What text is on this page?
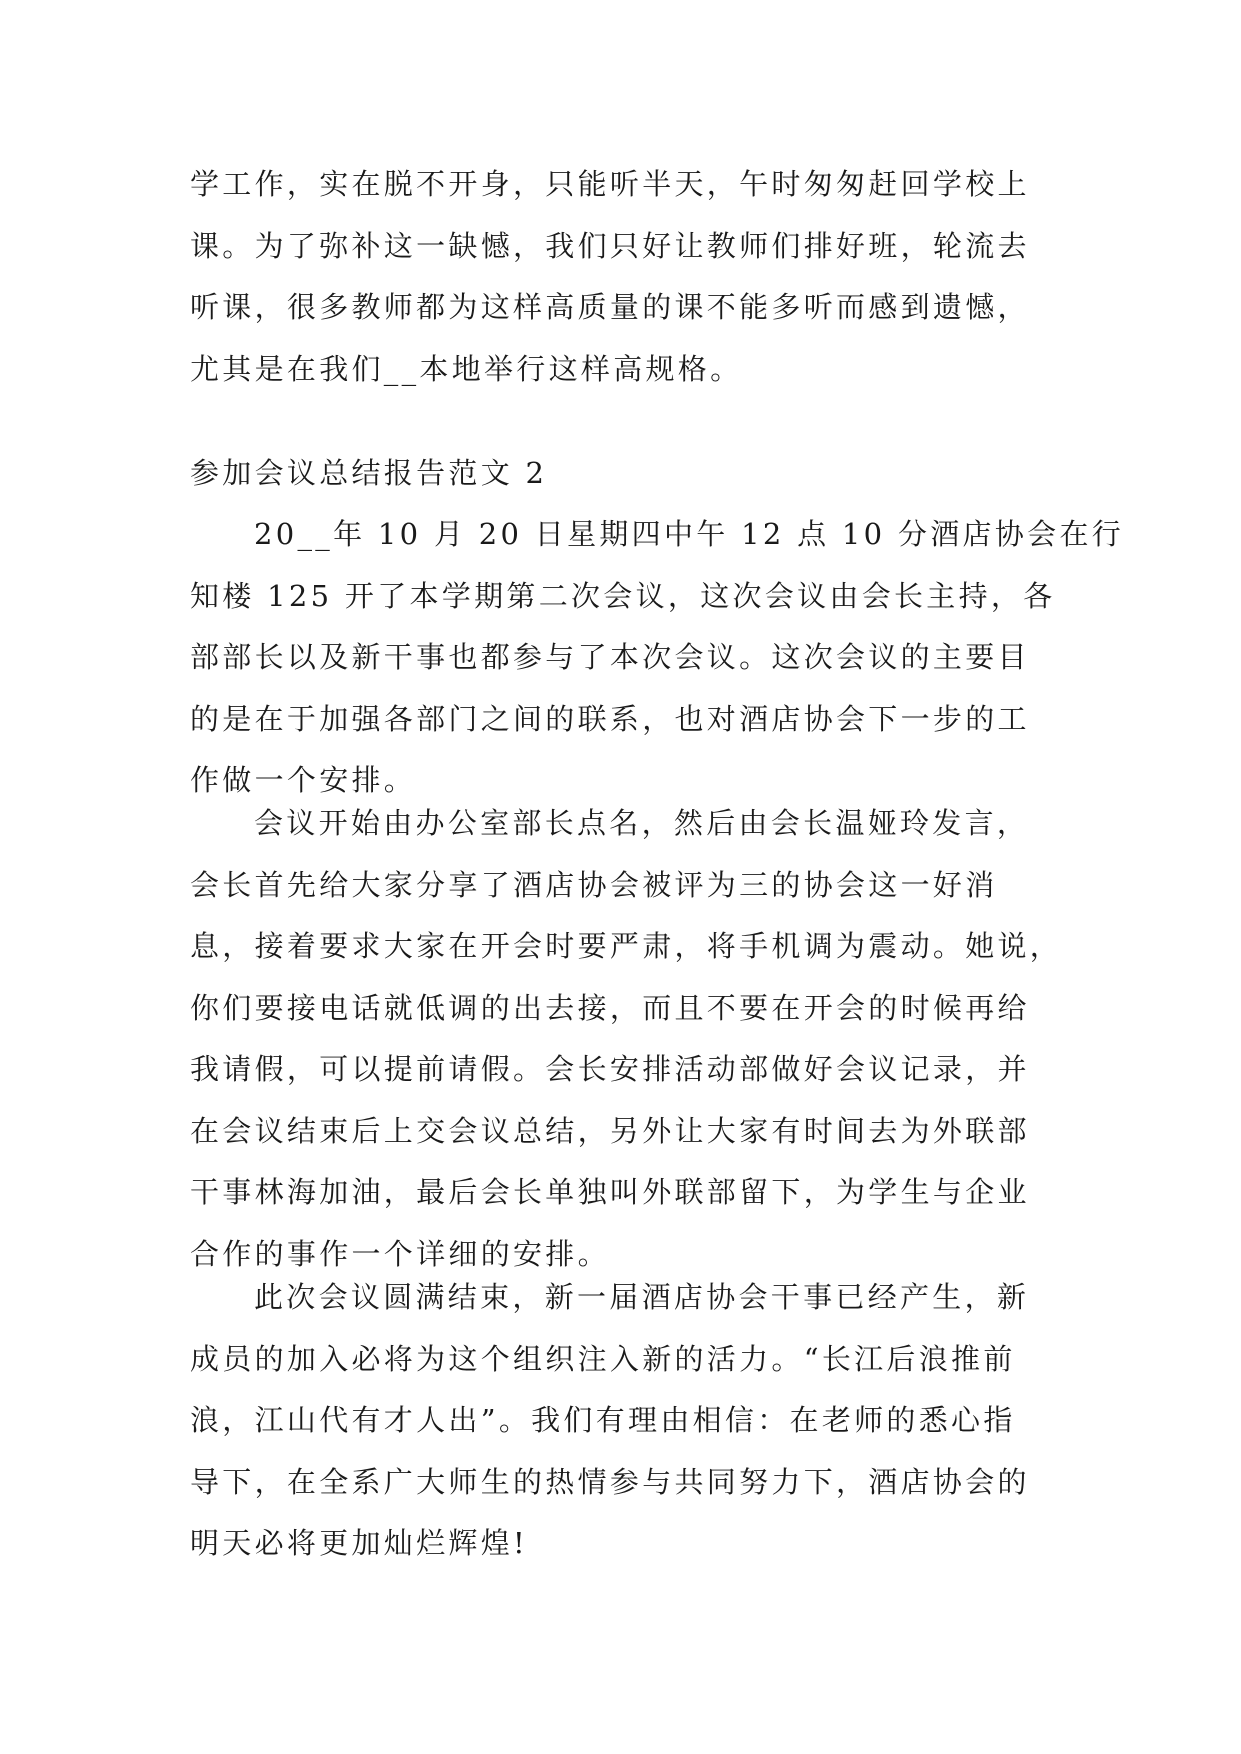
学工作，实在脱不开身，只能听半天，午时匆匆赶回学校上
课。为了弥补这一缺憾，我们只好让教师们排好班，轮流去
听课，很多教师都为这样高质量的课不能多听而感到遗憾，
尤其是在我们__本地举行这样高规格。
参加会议总结报告范文 2
20__年 10 月 20 日星期四中午 12 点 10 分酒店协会在行
知楼 125 开了本学期第二次会议，这次会议由会长主持，各
部部长以及新干事也都参与了本次会议。这次会议的主要目
的是在于加强各部门之间的联系，也对酒店协会下一步的工
作做一个安排。
会议开始由办公室部长点名，然后由会长温娅玲发言，
会长首先给大家分享了酒店协会被评为三的协会这一好消
息，接着要求大家在开会时要严肃，将手机调为震动。她说，
你们要接电话就低调的出去接，而且不要在开会的时候再给
我请假，可以提前请假。会长安排活动部做好会议记录，并
在会议结束后上交会议总结，另外让大家有时间去为外联部
干事林海加油，最后会长单独叫外联部留下，为学生与企业
合作的事作一个详细的安排。
此次会议圆满结束，新一届酒店协会干事已经产生，新
成员的加入必将为这个组织注入新的活力。“长江后浪推前
浪，江山代有才人出”。我们有理由相信：在老师的悉心指
导下，在全系广大师生的热情参与共同努力下，酒店协会的
明天必将更加灿烂辉煌!
